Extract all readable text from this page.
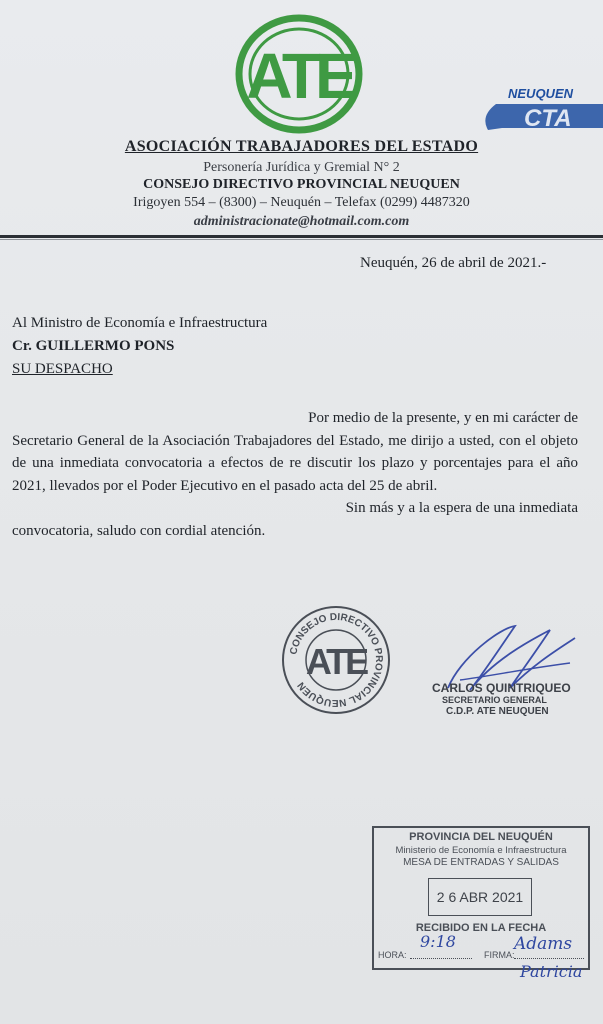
ATE	NEUQUEN
CTA
ASOCIACIÓN TRABAJADORES DEL ESTADO
Personería Jurídica y Gremial N° 2
CONSEJO DIRECTIVO PROVINCIAL NEUQUEN
Irigoyen 554 – (8300) – Neuquén – Telefax (0299) 4487320
administracionate@hotmail.com.com
Neuquén, 26 de abril de 2021.-
Al Ministro de Economía e Infraestructura
Cr. GUILLERMO PONS
SU DESPACHO
Por medio de la presente, y en mi carácter de
Secretario General de la Asociación Trabajadores del Estado, me dirijo a usted, con el objeto de una inmediata convocatoria a efectos de re discutir los plazo y porcentajes para el año 2021, llevados por el Poder Ejecutivo en el pasado acta del 25 de abril.
Sin más y a la espera de una inmediata
convocatoria, saludo con cordial atención.
CONSEJO DIRECTIVO PROVINCIAL NEUQUEN
ATE
CARLOS QUINTRIQUEO
SECRETARIO GENERAL
C.D.P. ATE NEUQUEN
PROVINCIA DEL NEUQUÉN
Ministerio de Economía e Infraestructura
MESA DE ENTRADAS Y SALIDAS
2 6 ABR 2021
RECIBIDO EN LA FECHA
HORA:
9:18
FIRMA:
Adams
Patricia
